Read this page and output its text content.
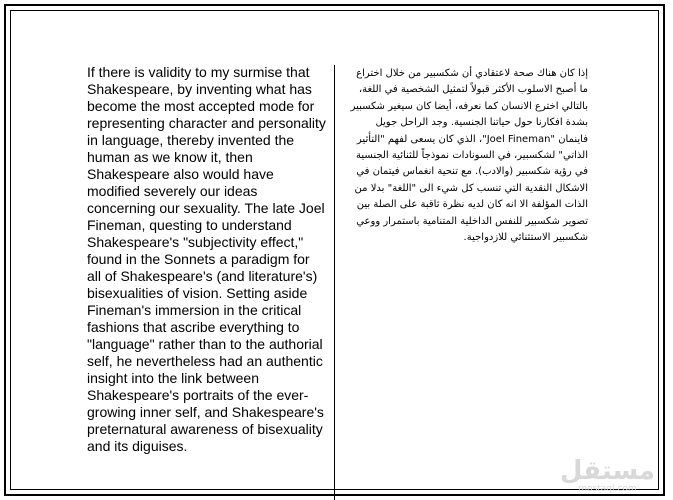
If there is validity to my surmise that Shakespeare, by inventing what has become the most accepted mode for representing character and personality in language, thereby invented the human as we know it, then Shakespeare also would have modified severely our ideas concerning our sexuality. The late Joel Fineman, questing to understand Shakespeare's "subjectivity effect," found in the Sonnets a paradigm for all of Shakespeare's (and literature's) bisexualities of vision. Setting aside Fineman's immersion in the critical fashions that ascribe everything to "language" rather than to the authorial self, he nevertheless had an authentic insight into the link between Shakespeare's portraits of the ever-growing inner self, and Shakespeare's preternatural awareness of bisexuality and its diguises.
إذا كان هناك صحة لاعتقادي أن شكسبير من خلال اختراع ما أصبح الاسلوب الأكثر قبولاً لتمثيل الشخصية في اللغة، بالتالي اخترع الانسان كما نعرفه، أيضا كان سيغير شكسبير بشدة افكارنا حول حياتنا الجنسية. وجد الراحل جويل فاينمان "Joel Fineman"، الذي كان يسعى لفهم "التأثير الذاتي" لشكسبير، في السونادات نموذجاً للثنائية الجنسية في رؤية شكسبير (والادب). مع تنحية انغماس فيتمان في الاشكال النقدية التي تنسب كل شيء الى "اللغة" بدلا من الذات المؤلفة الا انه كان لديه نظرة ثاقبة على الصلة بين تصوير شكسبير للنفس الداخلية المتنامية باستمرار ووعي شكسبير الاستثنائي للازدواجية.
مستقل
mostaql.com
